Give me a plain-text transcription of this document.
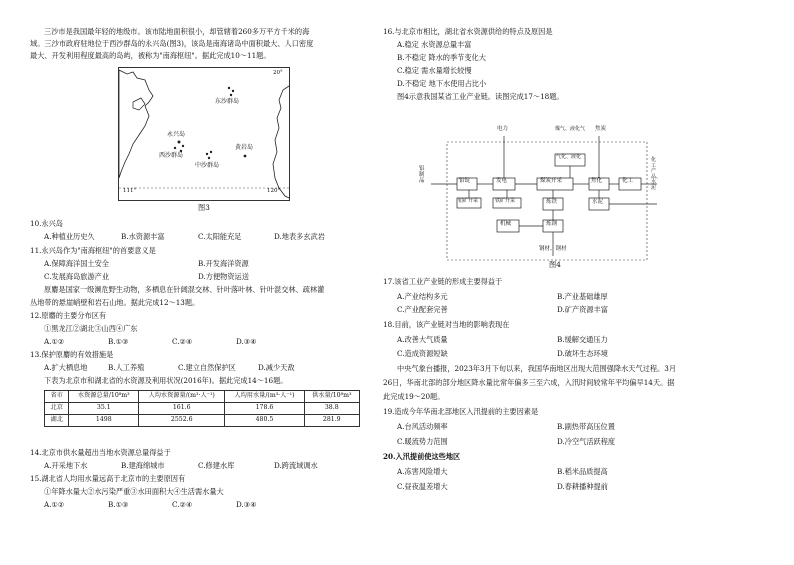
三沙市是我国最年轻的地级市。该市陆地面积很小，却管辖着260多万平方千米的海
域。三沙市政府驻地位于西沙群岛的永兴岛(图3)，该岛是南海诸岛中面积最大、人口密度
最大、开发利用程度最高的岛屿，被称为"南海枢纽"。据此完成10～11题。
东沙群岛
永兴岛
西沙群岛
中沙群岛
黄岩岛
111°	120°
20°
图3
10.永兴岛
A.种植业历史久	B.水资源丰富	C.太阳能充足	D.地表多玄武岩
11.永兴岛作为"南海枢纽"的首要意义是
A.保障海洋国土安全	B.开发海洋资源
C.发展海岛旅游产业	D.方便物资运送
原麝是国家一级濒危野生动物，多栖息在针阔混交林、针叶落叶林、针叶混交林、疏林灌
丛地带的悬崖峭壁和岩石山地。据此完成12～13题。
12.原麝的主要分布区有
①黑龙江②湖北③山西④广东
A.①②	B.①③	C.②④	D.③④
13.保护原麝的有效措施是
A.扩大栖息地	B.人工养殖	C.建立自然保护区	D.减少天敌
下表为北京市和湖北省的水资源及利用状况(2016年)。据此完成14～16题。
省市	水资源总量/10⁸m³	人均水资源量/(m³·人⁻¹)	人均用水量/(m³·人⁻¹)	供水量/10⁸m³
北京	35.1	161.6	178.6	38.8
湖北	1498	2552.6	480.5	281.9
14.北京市供水量超出当地水资源总量得益于
A.开采地下水	B.建海绵城市	C.修建水库	D.跨流域调水
15.湖北省人均用水量远高于北京市的主要原因有
①年降水量大②水污染严重③水田面积大④生活需水量大
A.①②	B.①③	C.②④	D.③④
16.与北京市相比，湖北省水资源供给的特点及原因是
A.稳定 水资源总量丰富
B.不稳定 降水的季节变化大
C.稳定 需水量增长较慢
D.不稳定 地下水使用占比小
图4示意我国某省工业产业链。读图完成17～18题。
铝锭	发电	煤炭开采	焦化	化工
铝矿开采	铁矿开采	炼铁	水泥
机械	炼钢
电力	煤气、液化气 焦炭
气化、液化
铝制品
化工产品、水泥
钢材、钢材
图4
17.该省工业产业链的形成主要得益于
A.产业结构多元	B.产业基础雄厚
C.产业配套完善	D.矿产资源丰富
18.目前，该产业链对当地的影响表现在
A.改善大气质量	B.缓解交通压力
C.造成资源短缺	D.破坏生态环境
中央气象台播报，2023年3月下旬以来，我国华南地区出现大范围强降水天气过程。3月
26日，华南北部的部分地区降水量比常年偏多三至六成，入汛时间较常年平均偏早14天。据
此完成19～20题。
19.造成今年华南北部地区入汛提前的主要因素是
A.台风活动频率	B.副热带高压位置
C.暖流势力范围	D.冷空气活跃程度
20.入汛提前使这些地区
A.冻害风险增大	B.稻米品质提高
C.昼夜温差增大	D.春耕播种提前
